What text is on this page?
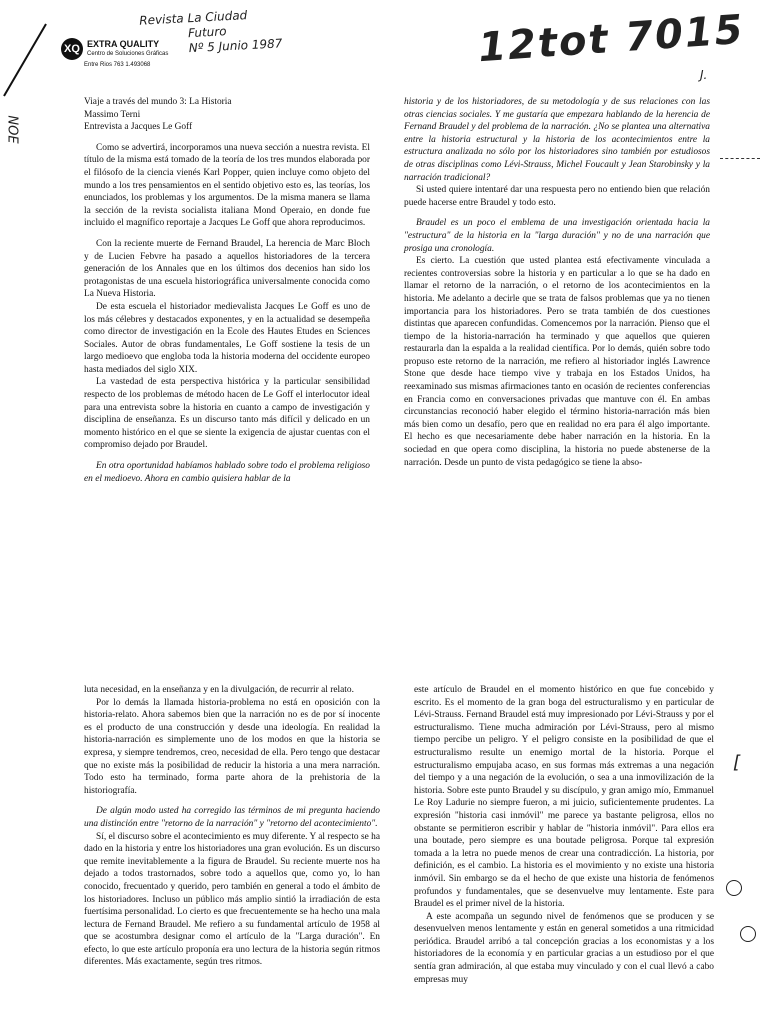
Revista La Ciudad
Futuro
Nº 5 Junio 1987	12tot 7015
J.
NOE
XQ EXTRA QUALITY
Centro de Soluciones Gráficas
Entre Rios 763 1.493068

Viaje a través del mundo 3: La Historia

Massimo Terni

Entrevista a Jacques Le Goff

Como se advertirá, incorporamos una nueva sección a nuestra revista. El título de la misma está tomado de la teoría de los tres mundos elaborada por el filósofo de la ciencia vienés Karl Popper, quien incluye como objeto del mundo a los tres pensamientos en el sentido objetivo esto es, las teorías, los enunciados, los problemas y los argumentos. De la misma manera se llama la sección de la revista socialista italiana Mond Operaio, en donde fue incluido el magnífico reportaje a Jacques Le Goff que ahora reproducimos.

Con la reciente muerte de Fernand Braudel, La herencia de Marc Bloch y de Lucien Febvre ha pasado a aquellos historiadores de la tercera generación de los Annales que en los últimos dos decenios han sido los protagonistas de una escuela historiográfica universalmente conocida como La Nueva Historia.

De esta escuela el historiador medievalista Jacques Le Goff es uno de los más célebres y destacados exponentes, y en la actualidad se desempeña como director de investigación en la Ecole des Hautes Etudes en Sciences Sociales. Autor de obras fundamentales, Le Goff sostiene la tesis de un largo medioevo que engloba toda la historia moderna del occidente europeo hasta mediados del siglo XIX.

La vastedad de esta perspectiva histórica y la particular sensibilidad respecto de los problemas de método hacen de Le Goff el interlocutor ideal para una entrevista sobre la historia en cuanto a campo de investigación y disciplina de enseñanza. Es un discurso tanto más difícil y delicado en un momento histórico en el que se siente la exigencia de ajustar cuentas con el compromiso dejado por Braudel.

En otra oportunidad habíamos hablado sobre todo el problema religioso en el medioevo. Ahora en cambio quisiera hablar de la

historia y de los historiadores, de su metodología y de sus relaciones con las otras ciencias sociales. Y me gustaría que empezara hablando de la herencia de Fernand Braudel y del problema de la narración. ¿No se plantea una alternativa entre la historia estructural y la historia de los acontecimientos entre la estructura analizada no sólo por los historiadores sino también por estudiosos de otras disciplinas como Lévi-Strauss, Michel Foucault y Jean Starobinsky y la narración tradicional?

Si usted quiere intentaré dar una respuesta pero no entiendo bien que relación puede hacerse entre Braudel y todo esto.

Braudel es un poco el emblema de una investigación orientada hacia la "estructura" de la historia en la "larga duración" y no de una narración que prosiga una cronología.

Es cierto. La cuestión que usted plantea está efectivamente vinculada a recientes controversias sobre la historia y en particular a lo que se ha dado en llamar el retorno de la narración, o el retorno de los acontecimientos en la historia. Me adelanto a decirle que se trata de falsos problemas que ya no tienen importancia para los historiadores. Pero se trata también de dos cuestiones distintas que aparecen confundidas. Comencemos por la narración. Pienso que el tiempo de la historia-narración ha terminado y que aquellos que quieren restaurarla dan la espalda a la realidad científica. Por lo demás, quién sobre todo propuso este retorno de la narración, me refiero al historiador inglés Lawrence Stone que desde hace tiempo vive y trabaja en los Estados Unidos, ha reexaminado sus mismas afirmaciones tanto en ocasión de recientes conferencias en Francia como en conversaciones privadas que mantuve con él. En ambas circunstancias reconoció haber elegido el término historia-narración más bien más bien como un desafío, pero que en realidad no era para él algo importante. El hecho es que necesariamente debe haber narración en la historia. En la sociedad en que opera como disciplina, la historia no puede abstenerse de la narración. Desde un punto de vista pedagógico se tiene la abso-

luta necesidad, en la enseñanza y en la divulgación, de recurrir al relato.

Por lo demás la llamada historia-problema no está en oposición con la historia-relato. Ahora sabemos bien que la narración no es de por sí inocente es el producto de una construcción y desde una ideología. En realidad la historia-narración es simplemente uno de los modos en que la historia se expresa, y siempre tendremos, creo, necesidad de ella. Pero tengo que destacar que no existe más la posibilidad de reducir la historia a una mera narración. Todo esto ha terminado, forma parte ahora de la prehistoria de la historiografía.

De algún modo usted ha corregido las términos de mi pregunta haciendo una distinción entre "retorno de la narración" y "retorno del acontecimiento".

Sí, el discurso sobre el acontecimiento es muy diferente. Y al respecto se ha dado en la historia y entre los historiadores una gran evolución. Es un discurso que remite inevitablemente a la figura de Braudel. Su reciente muerte nos ha dejado a todos trastornados, sobre todo a aquellos que, como yo, lo han conocido, frecuentado y querido, pero también en general a todo el ámbito de los historiadores. Incluso un público más amplio sintió la irradiación de esta fuertísima personalidad. Lo cierto es que frecuentemente se ha hecho una mala lectura de Fernand Braudel. Me refiero a su fundamental artículo de 1958 al que se acostumbra designar como el artículo de la "Larga duración". En efecto, lo que este artículo proponía era uno lectura de la historia según ritmos diferentes. Más exactamente, según tres ritmos.

este artículo de Braudel en el momento histórico en que fue concebido y escrito. Es el momento de la gran boga del estructuralismo y en particular de Lévi-Strauss. Fernand Braudel está muy impresionado por Lévi-Strauss y por el estructuralismo. Tiene mucha admiración por Lévi-Strauss, pero al mismo tiempo percibe un peligro. Y el peligro consiste en la posibilidad de que el estructuralismo resulte un enemigo mortal de la historia. Porque el estructuralismo empujaba acaso, en sus formas más extremas a una negación del tiempo y a una negación de la evolución, o sea a una inmovilización de la historia. Sobre este punto Braudel y su discípulo, y gran amigo mío, Emmanuel Le Roy Ladurie no siempre fueron, a mi juicio, suficientemente prudentes. La expresión "historia casi inmóvil" me parece ya bastante peligrosa, ellos no obstante se permitieron escribir y hablar de "historia inmóvil". Para ellos era una boutade, pero siempre es una boutade peligrosa. Porque tal expresión tomada a la letra no puede menos de crear una contradicción. La historia, por definición, es el cambio. La historia es el movimiento y no existe una historia inmóvil. Sin embargo se da el hecho de que existe una historia de fenómenos profundos y fundamentales, que se desenvuelve muy lentamente. Este para Braudel es el primer nivel de la historia.

A este acompaña un segundo nivel de fenómenos que se producen y se desenvuelven menos lentamente y están en general sometidos a una ritmicidad periódica. Braudel arribó a tal concepción gracias a los economistas y a los historiadores de la economía y en particular gracias a un estudioso por el que sentía gran admiración, al que estaba muy vinculado y con el cual llevó a cabo empresas muy

[
